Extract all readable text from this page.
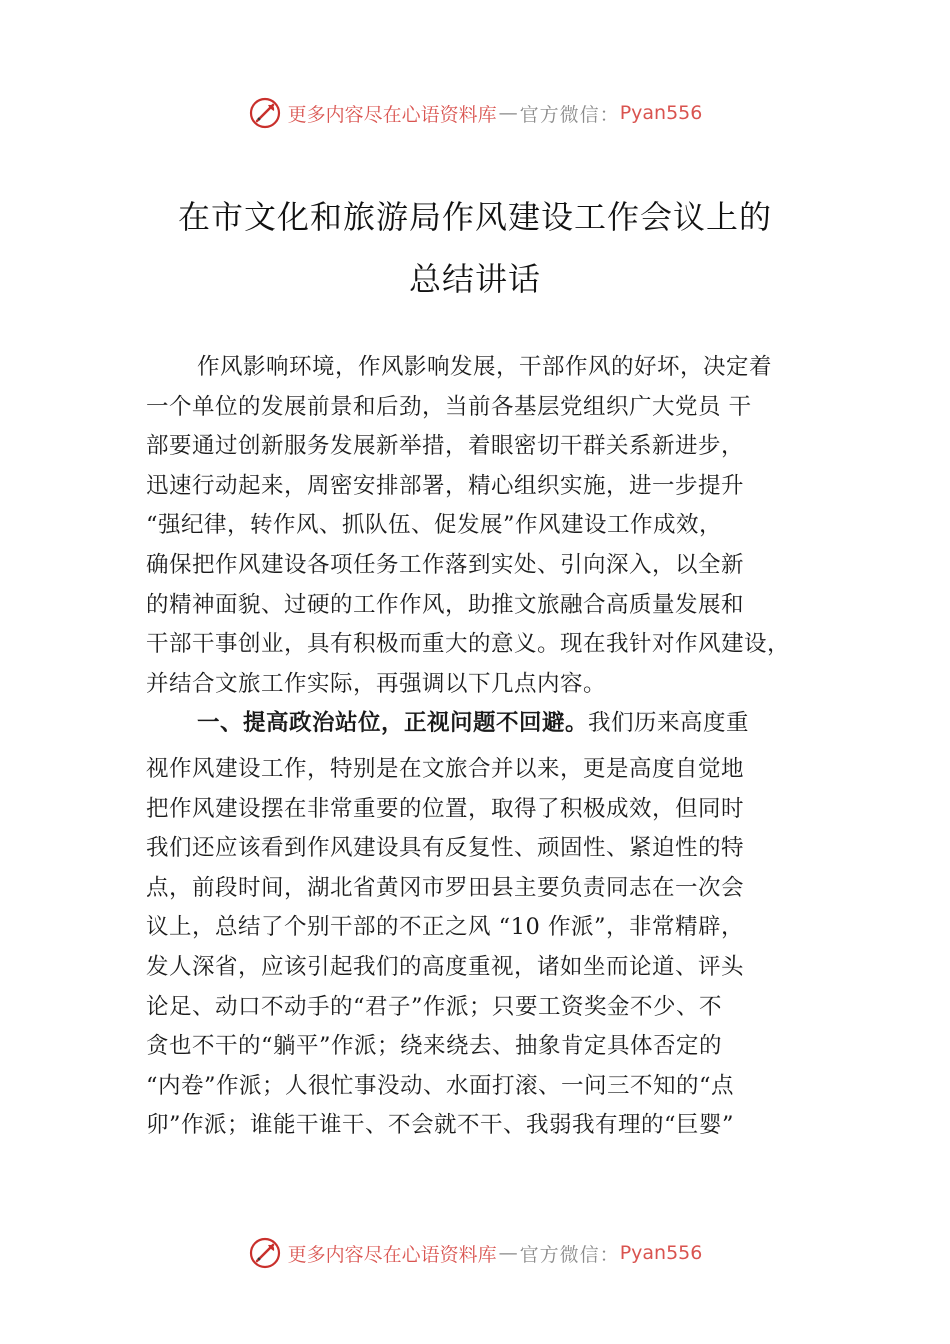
更多内容尽在心语资料库 — 官方微信： Pyan556
在市文化和旅游局作风建设工作会议上的
总结讲话
作风影响环境，作风影响发展，干部作风的好坏，决定着
一个单位的发展前景和后劲，当前各基层党组织广大党员 干
部要通过创新服务发展新举措，着眼密切干群关系新进步，
迅速行动起来，周密安排部署，精心组织实施，进一步提升
“强纪律，转作风、抓队伍、促发展”作风建设工作成效，
确保把作风建设各项任务工作落到实处、引向深入，以全新
的精神面貌、过硬的工作作风，助推文旅融合高质量发展和
干部干事创业，具有积极而重大的意义。现在我针对作风建设，
并结合文旅工作实际，再强调以下几点内容。
一、提高政治站位，正视问题不回避。我们历来高度重
视作风建设工作，特别是在文旅合并以来，更是高度自觉地
把作风建设摆在非常重要的位置，取得了积极成效，但同时
我们还应该看到作风建设具有反复性、顽固性、紧迫性的特
点，前段时间，湖北省黄冈市罗田县主要负责同志在一次会
议上，总结了个别干部的不正之风 “10 作派”，非常精辟，
发人深省，应该引起我们的高度重视，诸如坐而论道、评头
论足、动口不动手的“君子”作派；只要工资奖金不少、不
贪也不干的“躺平”作派；绕来绕去、抽象肯定具体否定的
“内卷”作派；人很忙事没动、水面打滚、一问三不知的“点
卯”作派；谁能干谁干、不会就不干、我弱我有理的“巨婴”
更多内容尽在心语资料库 — 官方微信： Pyan556
